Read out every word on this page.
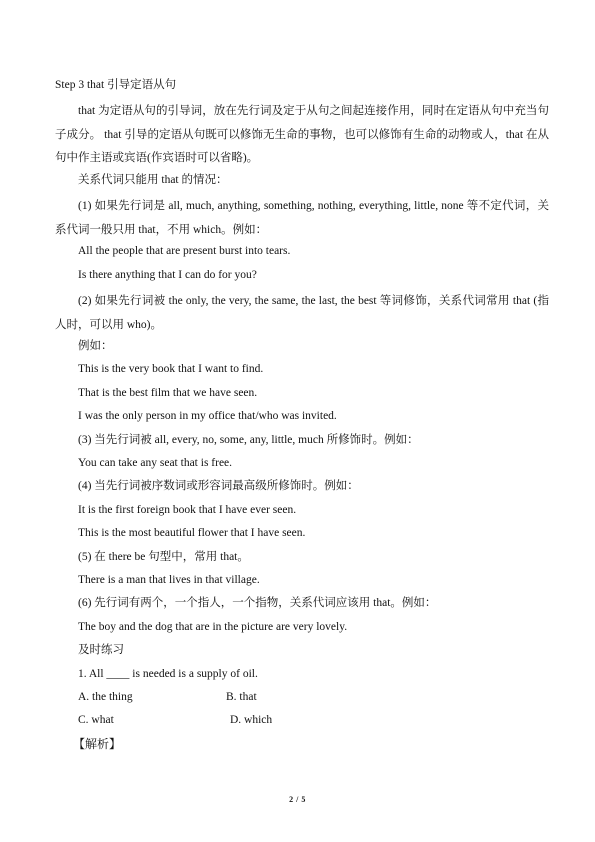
Step 3 that 引导定语从句
that 为定语从句的引导词，放在先行词及定于从句之间起连接作用，同时在定语从句中充当句子成分。 that 引导的定语从句既可以修饰无生命的事物，也可以修饰有生命的动物或人，that 在从句中作主语或宾语(作宾语时可以省略)。
关系代词只能用 that 的情况：
(1) 如果先行词是 all, much, anything, something, nothing, everything, little, none 等不定代词，关系代词一般只用 that，不用 which。例如：
All the people that are present burst into tears.
Is there anything that I can do for you?
(2) 如果先行词被 the only, the very, the same, the last, the best 等词修饰，关系代词常用 that (指人时，可以用 who)。
例如：
This is the very book that I want to find.
That is the best film that we have seen.
I was the only person in my office that/who was invited.
(3) 当先行词被 all, every, no, some, any, little, much 所修饰时。例如：
You can take any seat that is free.
(4) 当先行词被序数词或形容词最高级所修饰时。例如：
It is the first foreign book that I have ever seen.
This is the most beautiful flower that I have seen.
(5) 在 there be 句型中，常用 that。
There is a man that lives in that village.
(6) 先行词有两个，一个指人，一个指物，关系代词应该用 that。例如：
The boy and the dog that are in the picture are very lovely.
及时练习
1. All ____ is needed is a supply of oil.
A. the thing	B. that
C. what	D. which
【解析】
2 / 5
